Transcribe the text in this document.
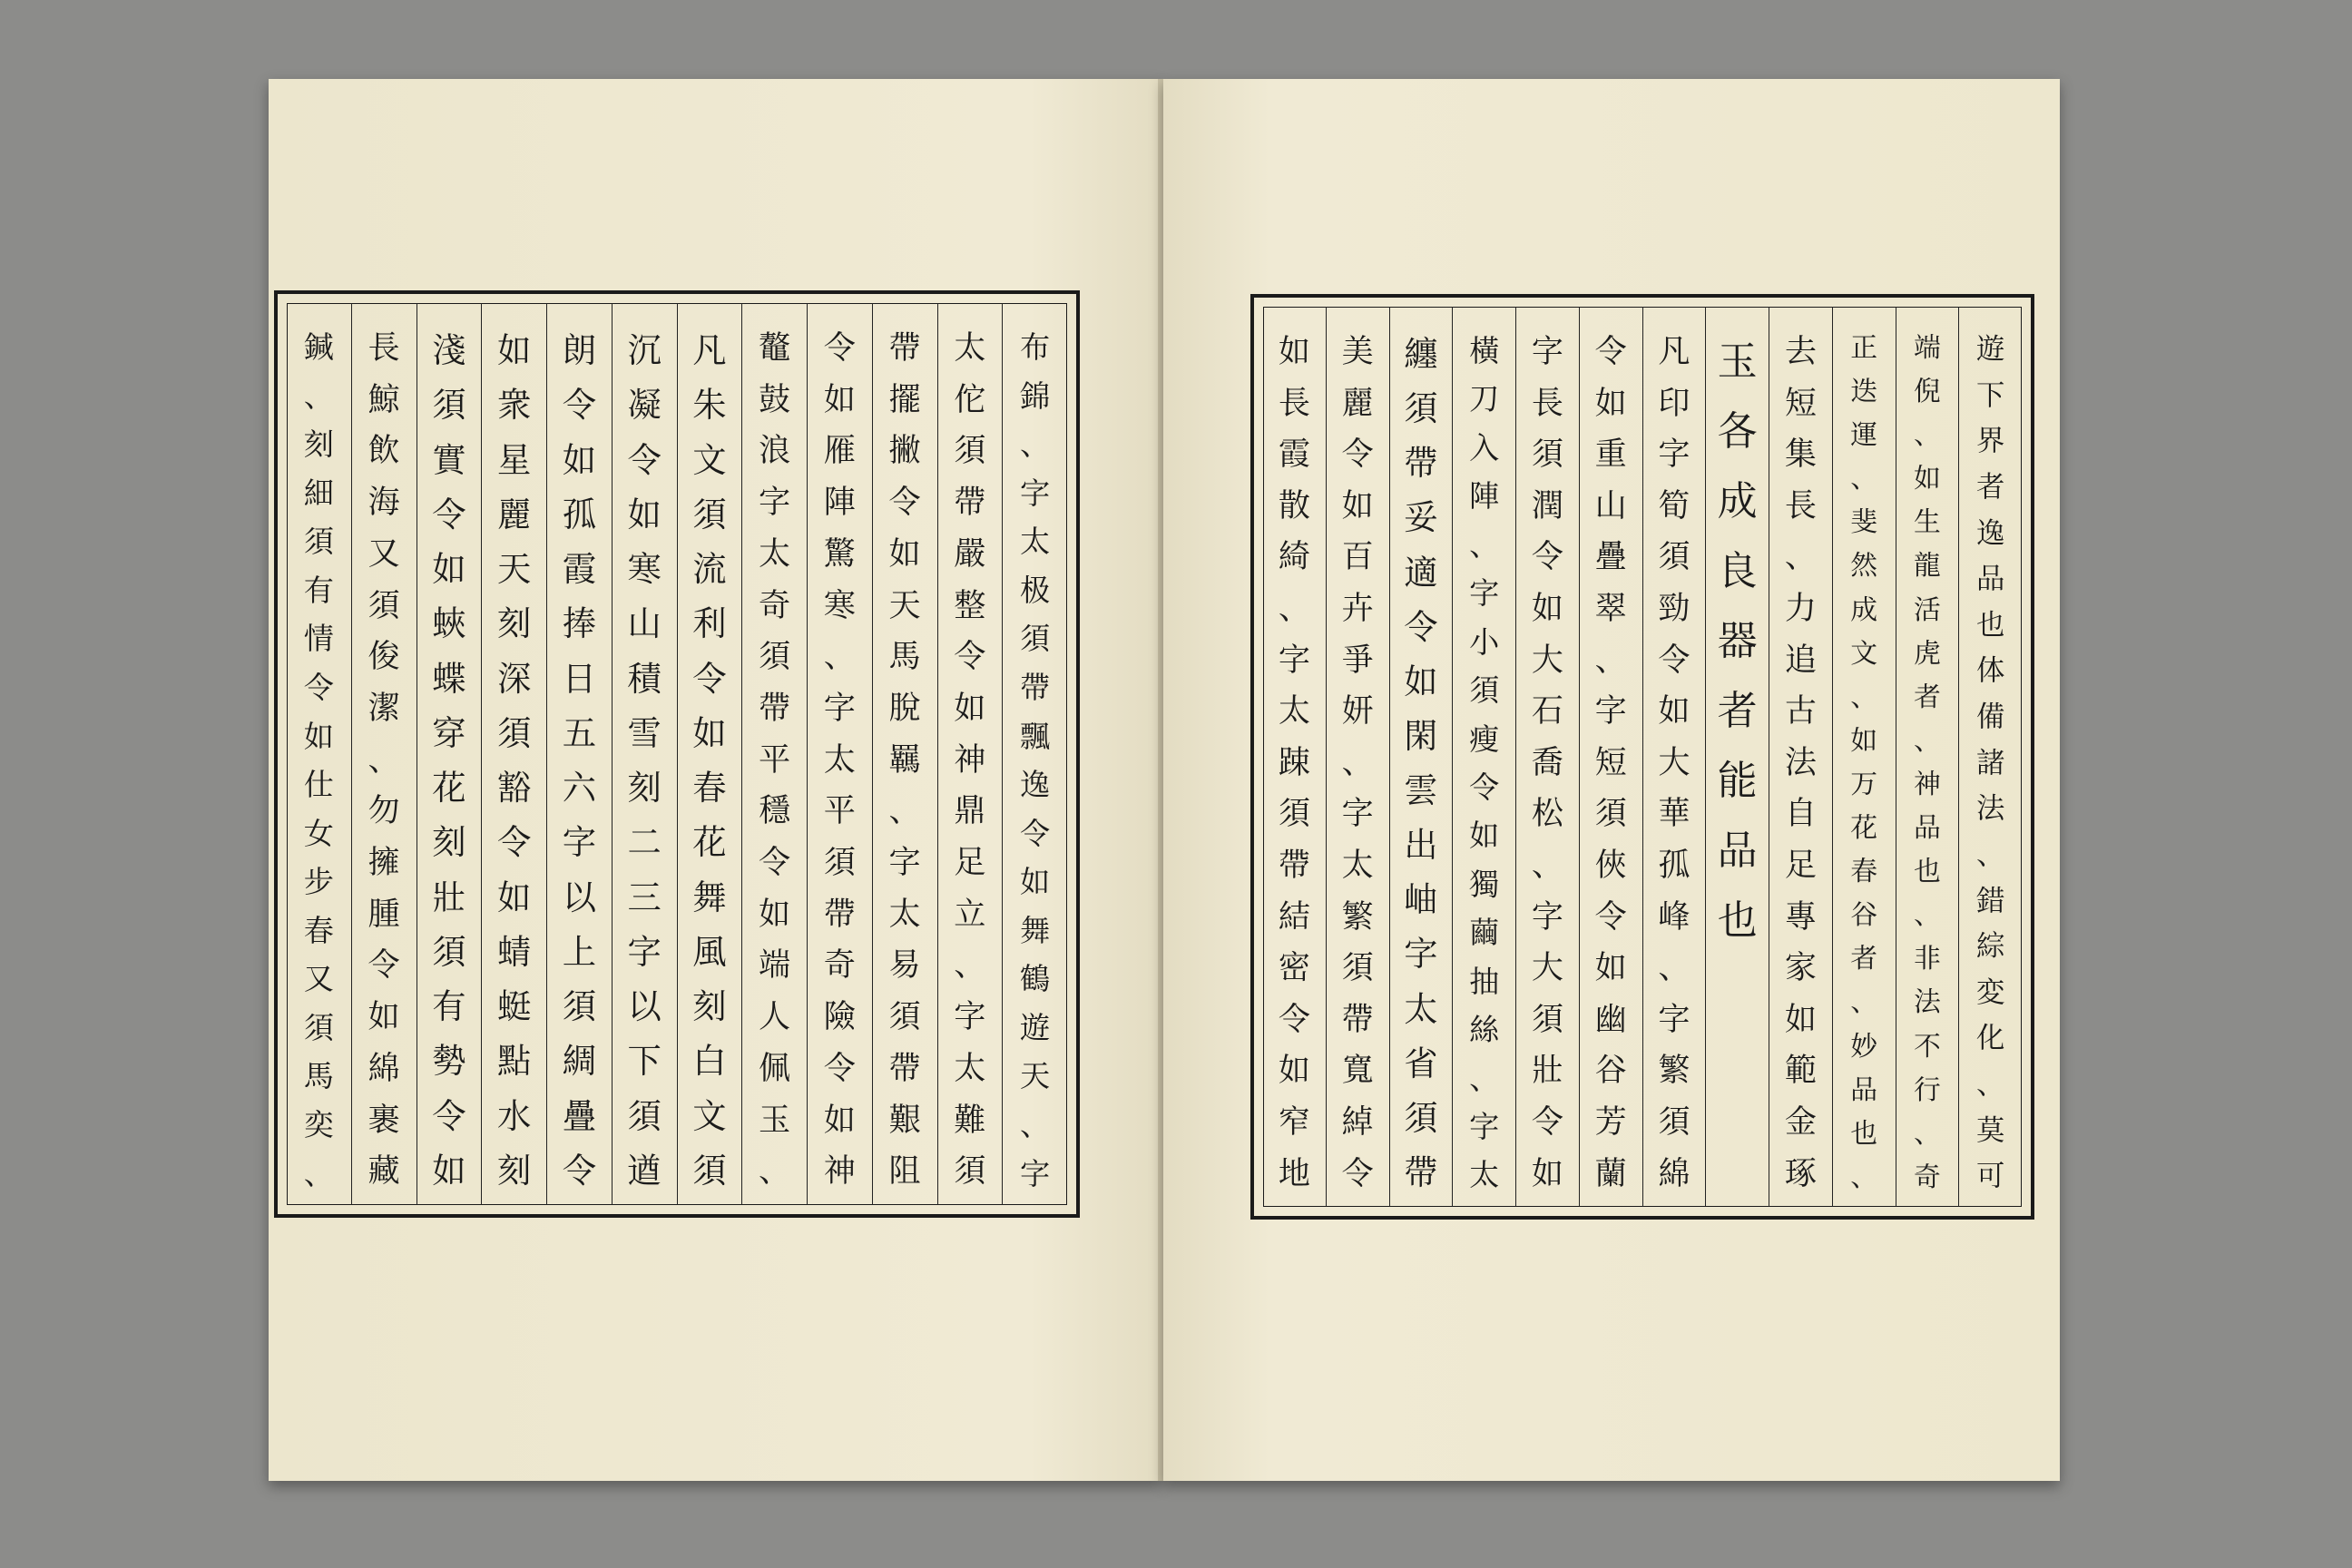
布
錦
、
字
太
极
須
帶
飄
逸
令
如
舞
鶴
遊
天
、
字
太
佗
須
帶
嚴
整
令
如
神
鼎
足
立
、
字
太
難
須
帶
擺
撇
令
如
天
馬
脫
羈
、
字
太
易
須
帶
艱
阻
令
如
雁
陣
驚
寒
、
字
太
平
須
帶
奇
險
令
如
神
鼇
鼓
浪
字
太
奇
須
帶
平
穩
令
如
端
人
佩
玉
、
凡
朱
文
須
流
利
令
如
春
花
舞
風
刻
白
文
須
沉
凝
令
如
寒
山
積
雪
刻
二
三
字
以
下
須
遒
朗
令
如
孤
霞
捧
日
五
六
字
以
上
須
綢
疊
令
如
衆
星
麗
天
刻
深
須
豁
令
如
蜻
蜓
點
水
刻
淺
須
實
令
如
蛺
蝶
穿
花
刻
壯
須
有
勢
令
如
長
鯨
飲
海
又
須
俊
潔
、
勿
擁
腫
令
如
綿
裹
藏
鍼
、
刻
細
須
有
情
令
如
仕
女
步
春
又
須
馬
奕
、
遊
下
界
者
逸
品
也
体
備
諸
法
、
錯
綜
変
化
、
莫
可
端
倪
、
如
生
龍
活
虎
者
、
神
品
也
、
非
法
不
行
、
奇
正
迭
運
、
斐
然
成
文
、
如
万
花
春
谷
者
、
妙
品
也
、
去
短
集
長
、
力
追
古
法
自
足
專
家
如
範
金
琢
玉
各
成
良
器
者
能
品
也
凡
印
字
筍
須
勁
令
如
大
華
孤
峰
、
字
繁
須
綿
令
如
重
山
疊
翠
、
字
短
須
俠
令
如
幽
谷
芳
蘭
字
長
須
潤
令
如
大
石
喬
松
、
字
大
須
壯
令
如
橫
刀
入
陣
、
字
小
須
瘦
令
如
獨
繭
抽
絲
、
字
太
纏
須
帶
妥
適
令
如
閑
雲
出
岫
字
太
省
須
帶
美
麗
令
如
百
卉
爭
妍
、
字
太
繁
須
帶
寬
綽
令
如
長
霞
散
綺
、
字
太
踈
須
帶
結
密
令
如
窄
地
